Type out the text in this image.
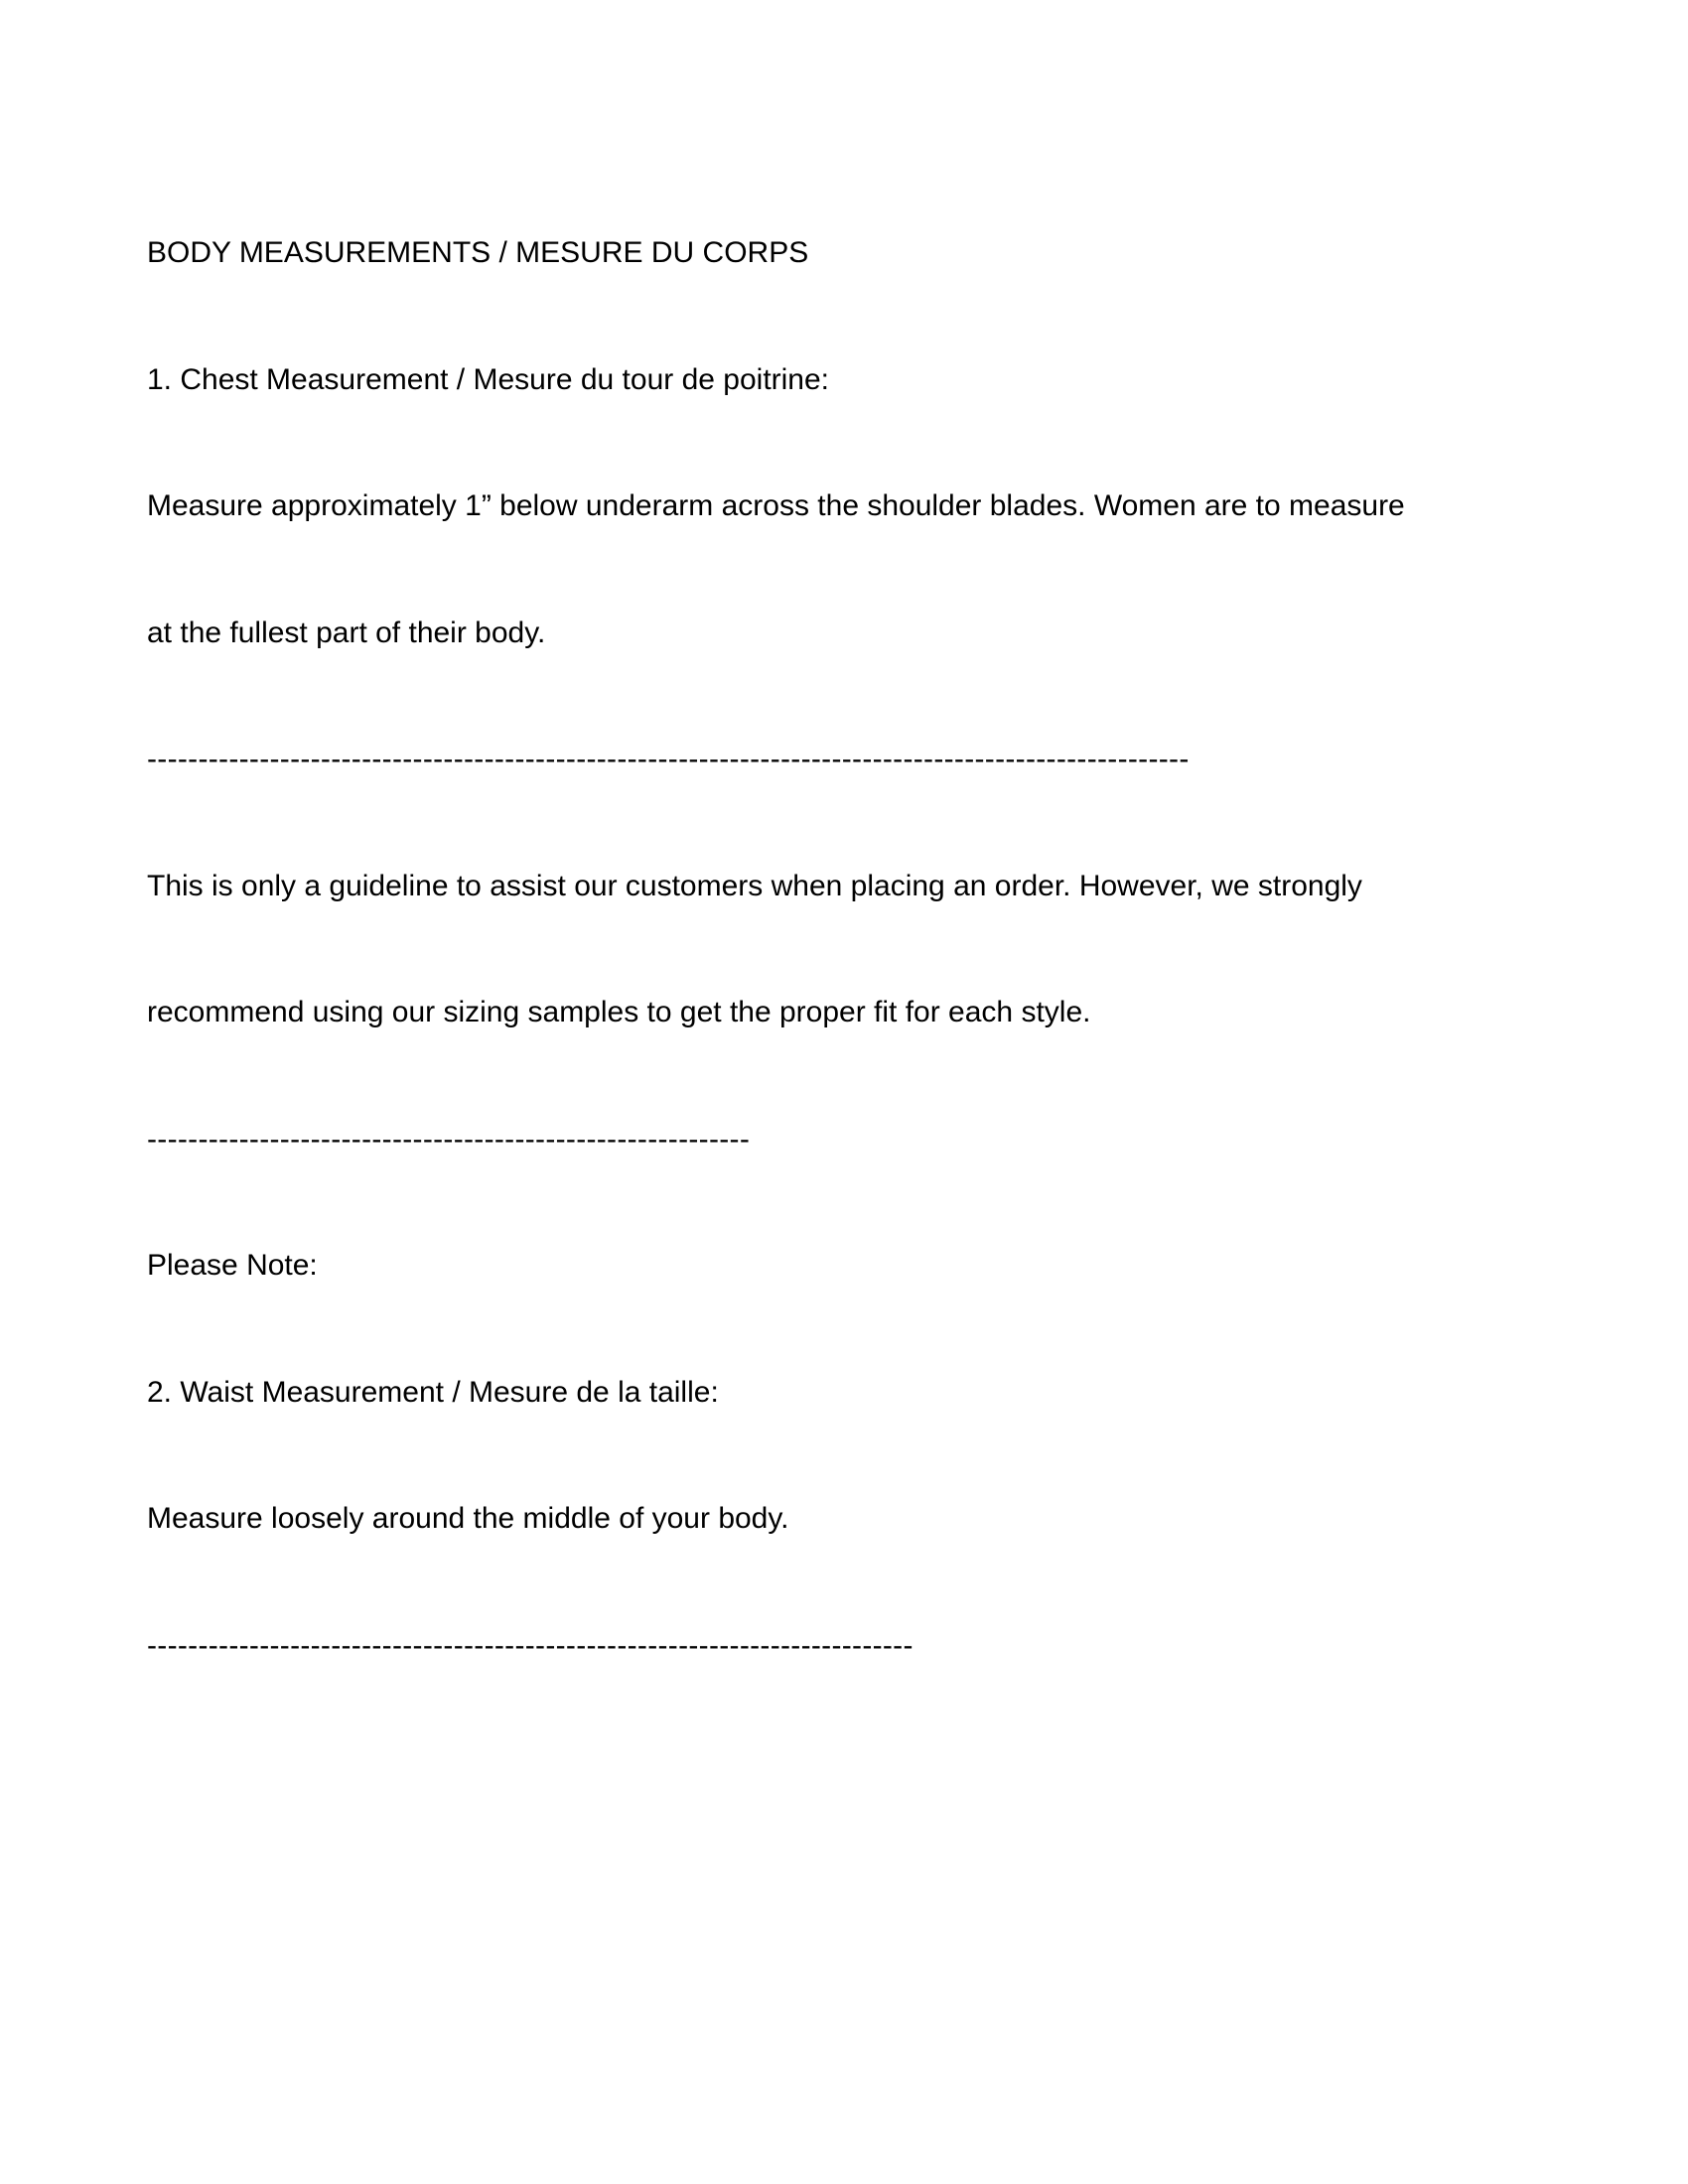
BODY MEASUREMENTS / MESURE DU CORPS

1. Chest Measurement / Mesure du tour de poitrine:

Measure approximately 1” below underarm across the shoulder blades. Women are to measure

at the fullest part of their body.

------------------------------------------------------------------------------------------------------

This is only a guideline to assist our customers when placing an order. However, we strongly

recommend using our sizing samples to get the proper fit for each style.

-----------------------------------------------------------

Please Note:

2. Waist Measurement / Mesure de la taille:

Measure loosely around the middle of your body.

---------------------------------------------------------------------------
